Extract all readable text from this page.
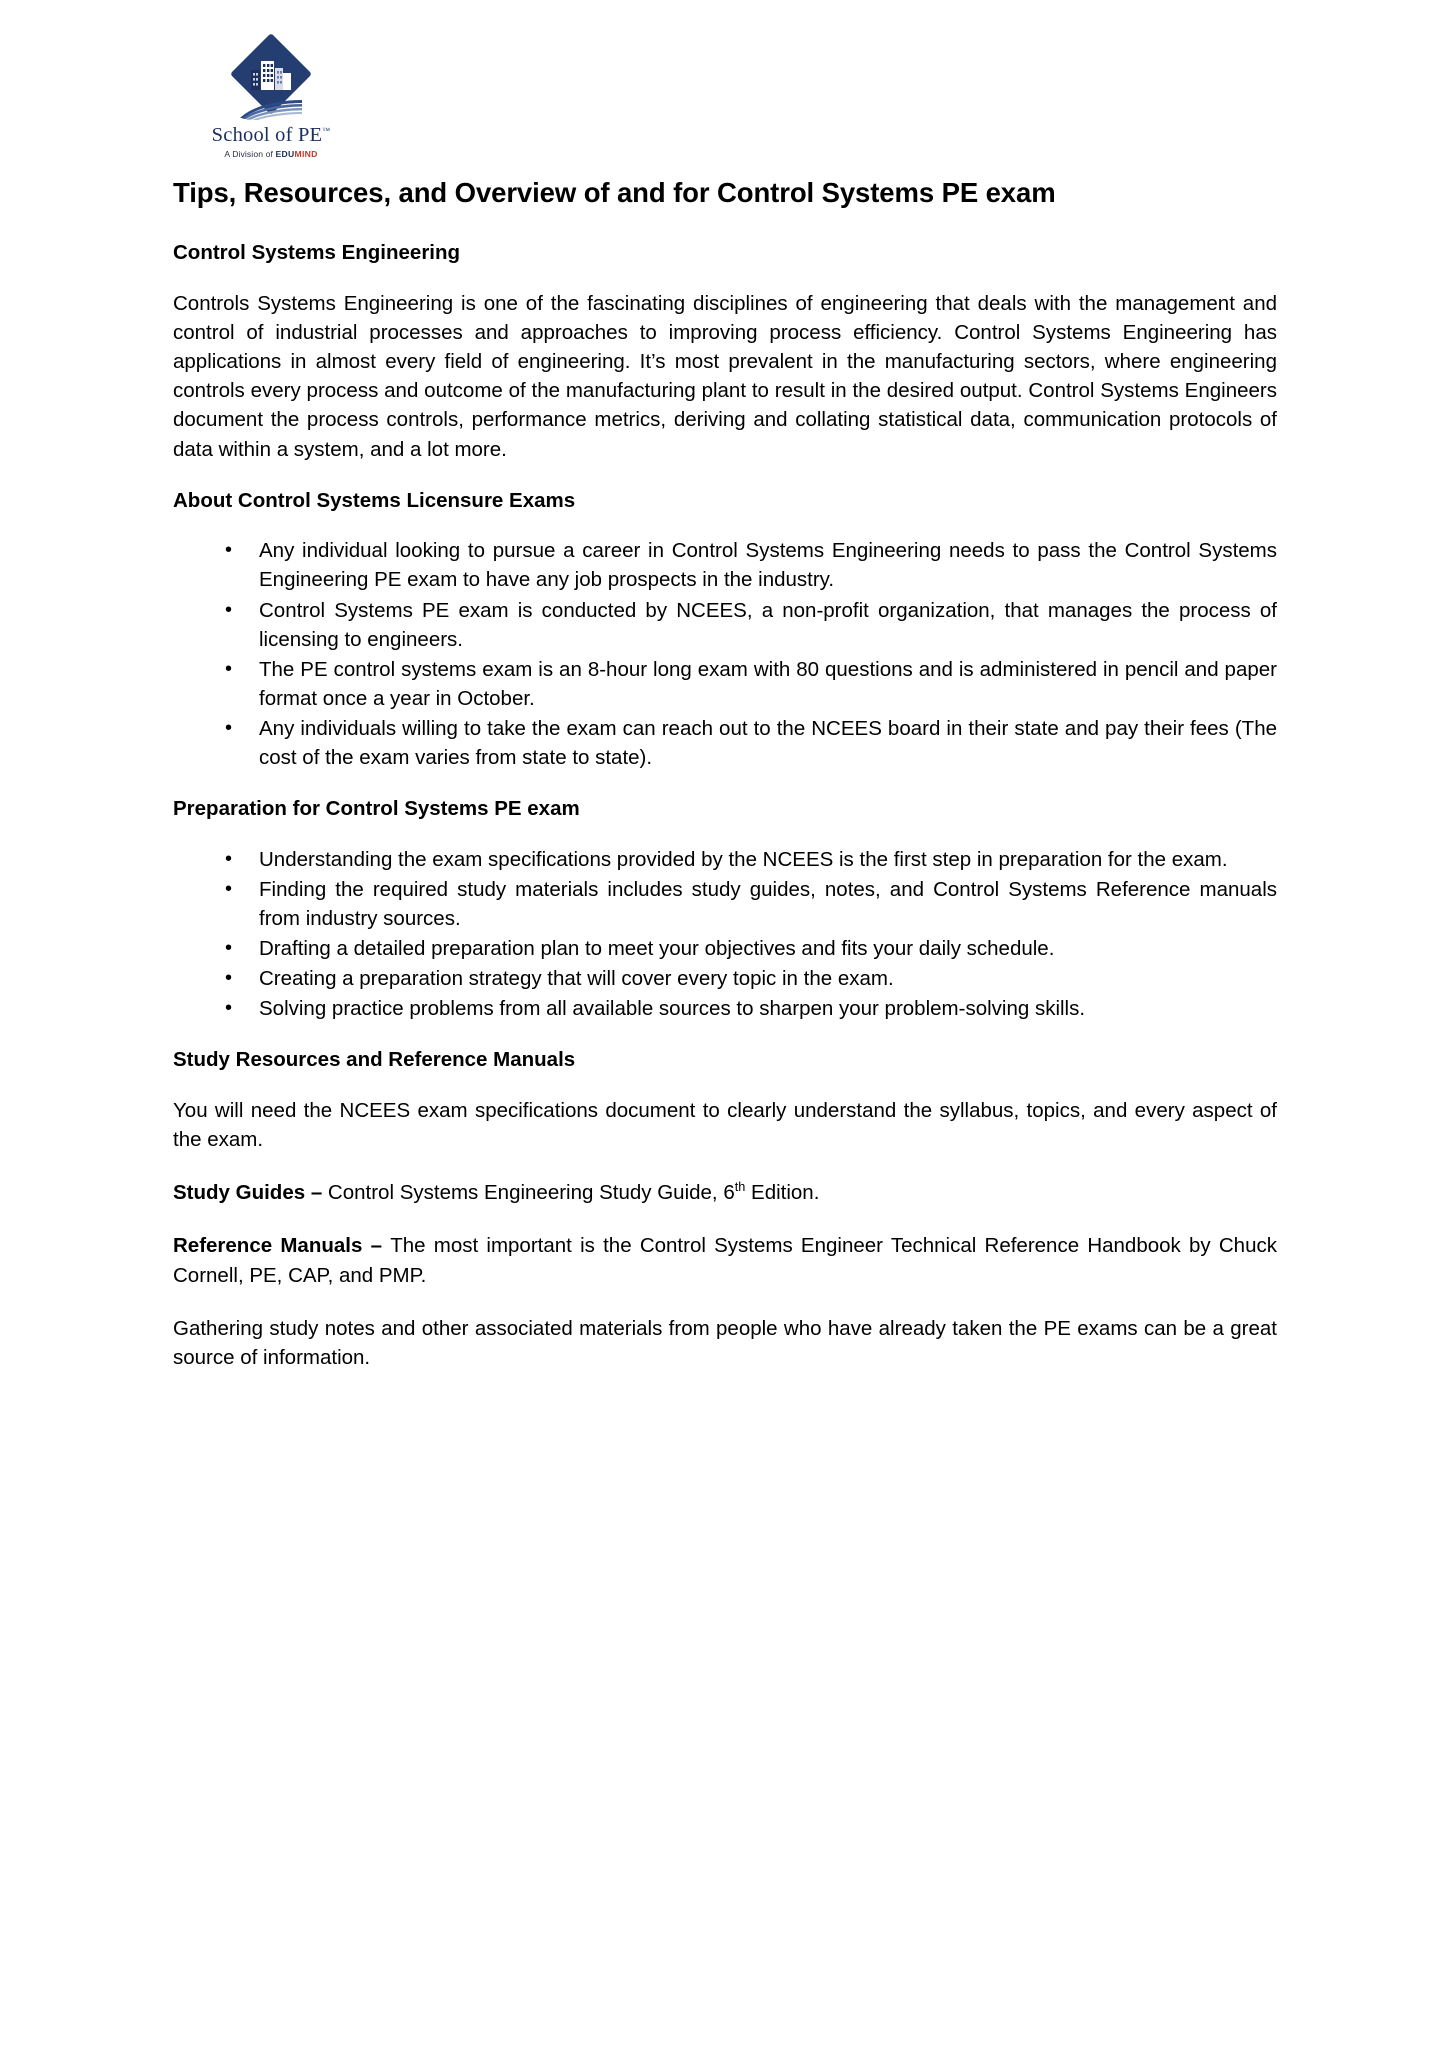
School of PE™
A Division of EDUMIND
Tips, Resources, and Overview of and for Control Systems PE exam
Control Systems Engineering

Controls Systems Engineering is one of the fascinating disciplines of engineering that deals with the management and control of industrial processes and approaches to improving process efficiency. Control Systems Engineering has applications in almost every field of engineering. It’s most prevalent in the manufacturing sectors, where engineering controls every process and outcome of the manufacturing plant to result in the desired output. Control Systems Engineers document the process controls, performance metrics, deriving and collating statistical data, communication protocols of data within a system, and a lot more.

About Control Systems Licensure Exams
• Any individual looking to pursue a career in Control Systems Engineering needs to pass the Control Systems Engineering PE exam to have any job prospects in the industry.
• Control Systems PE exam is conducted by NCEES, a non-profit organization, that manages the process of licensing to engineers.
• The PE control systems exam is an 8-hour long exam with 80 questions and is administered in pencil and paper format once a year in October.
• Any individuals willing to take the exam can reach out to the NCEES board in their state and pay their fees (The cost of the exam varies from state to state).
Preparation for Control Systems PE exam
• Understanding the exam specifications provided by the NCEES is the first step in preparation for the exam.
• Finding the required study materials includes study guides, notes, and Control Systems Reference manuals from industry sources.
• Drafting a detailed preparation plan to meet your objectives and fits your daily schedule.
• Creating a preparation strategy that will cover every topic in the exam.
• Solving practice problems from all available sources to sharpen your problem-solving skills.
Study Resources and Reference Manuals

You will need the NCEES exam specifications document to clearly understand the syllabus, topics, and every aspect of the exam.

Study Guides – Control Systems Engineering Study Guide, 6th Edition.

Reference Manuals – The most important is the Control Systems Engineer Technical Reference Handbook by Chuck Cornell, PE, CAP, and PMP.

Gathering study notes and other associated materials from people who have already taken the PE exams can be a great source of information.
